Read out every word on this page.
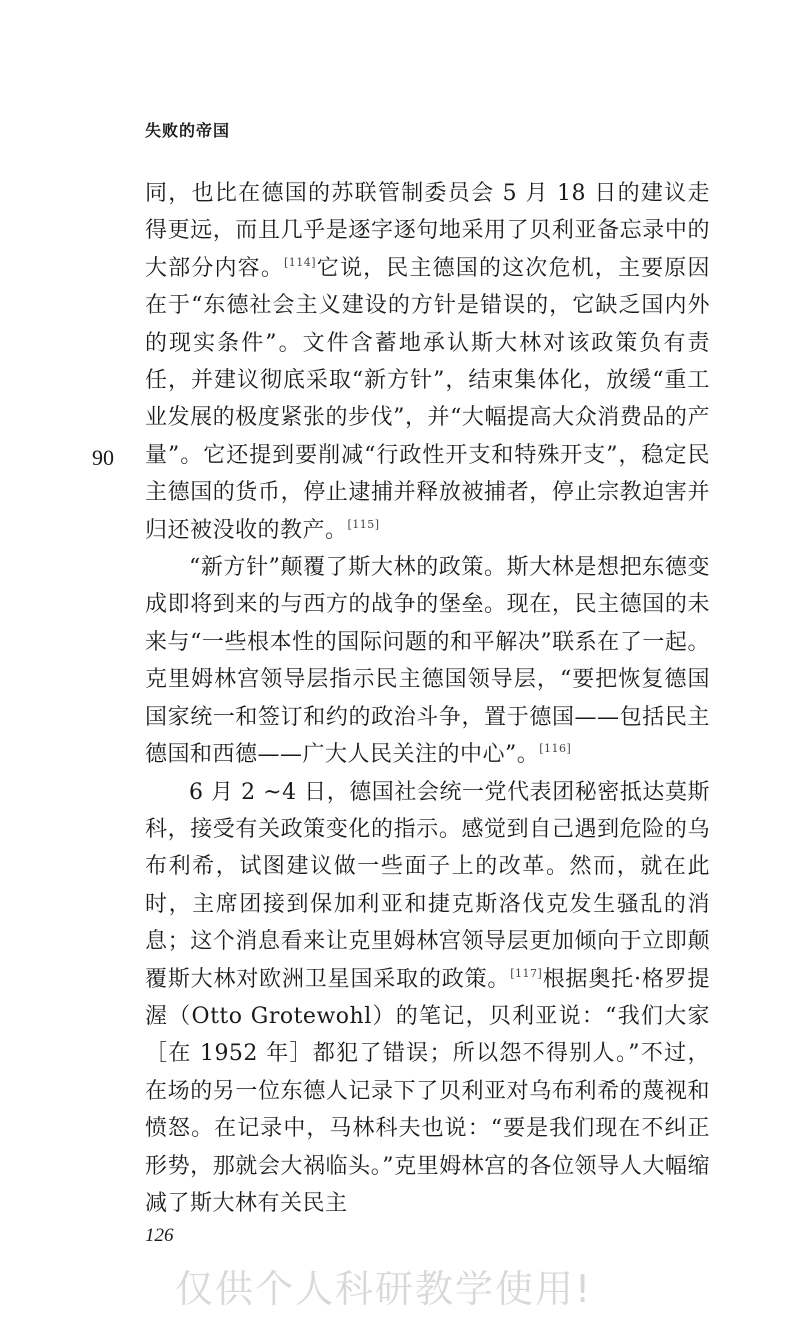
失败的帝国
90

同，也比在德国的苏联管制委员会 5 月 18 日的建议走得更远，而且几乎是逐字逐句地采用了贝利亚备忘录中的大部分内容。[114]它说，民主德国的这次危机，主要原因在于“东德社会主义建设的方针是错误的，它缺乏国内外的现实条件”。文件含蓄地承认斯大林对该政策负有责任，并建议彻底采取“新方针”，结束集体化，放缓“重工业发展的极度紧张的步伐”，并“大幅提高大众消费品的产量”。它还提到要削减“行政性开支和特殊开支”，稳定民主德国的货币，停止逮捕并释放被捕者，停止宗教迫害并归还被没收的教产。[115]

“新方针”颠覆了斯大林的政策。斯大林是想把东德变成即将到来的与西方的战争的堡垒。现在，民主德国的未来与“一些根本性的国际问题的和平解决”联系在了一起。克里姆林宫领导层指示民主德国领导层，“要把恢复德国国家统一和签订和约的政治斗争，置于德国——包括民主德国和西德——广大人民关注的中心”。[116]

6 月 2 ~4 日，德国社会统一党代表团秘密抵达莫斯科，接受有关政策变化的指示。感觉到自己遇到危险的乌布利希，试图建议做一些面子上的改革。然而，就在此时，主席团接到保加利亚和捷克斯洛伐克发生骚乱的消息；这个消息看来让克里姆林宫领导层更加倾向于立即颠覆斯大林对欧洲卫星国采取的政策。[117]根据奥托·格罗提渥（Otto Grotewohl）的笔记，贝利亚说：“我们大家［在 1952 年］都犯了错误；所以怨不得别人。”不过，在场的另一位东德人记录下了贝利亚对乌布利希的蔑视和愤怒。在记录中，马林科夫也说：“要是我们现在不纠正形势，那就会大祸临头。”克里姆林宫的各位领导人大幅缩减了斯大林有关民主

126
仅供个人科研教学使用!
